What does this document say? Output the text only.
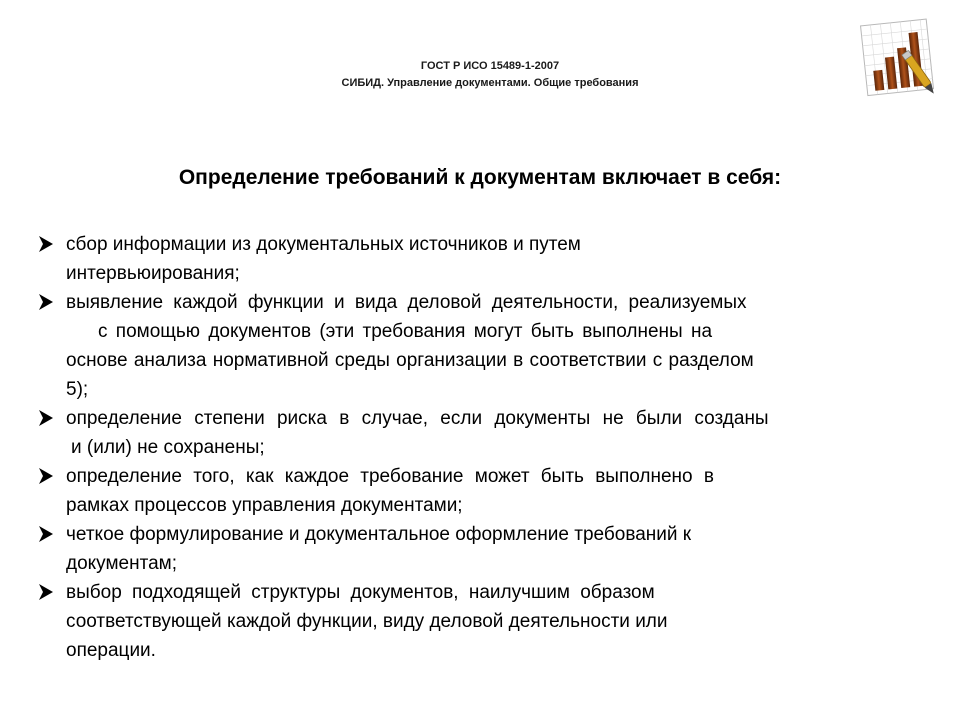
ГОСТ Р ИСО 15489-1-2007
СИБИД. Управление документами. Общие требования
Определение требований к документам включает в себя:
сбор информации из документальных источников и путем
интервьюирования;
выявление каждой функции и вида деловой деятельности, реализуемых
с помощью документов (эти требования могут быть выполнены на
основе анализа нормативной среды организации в соответствии с разделом
5);
определение степени риска в случае, если документы не были созданы
и (или) не сохранены;
определение того, как каждое требование может быть выполнено в
рамках процессов управления документами;
четкое формулирование и документальное оформление требований к
документам;
выбор подходящей структуры документов, наилучшим образом
соответствующей каждой функции, виду деловой деятельности или
операции.
